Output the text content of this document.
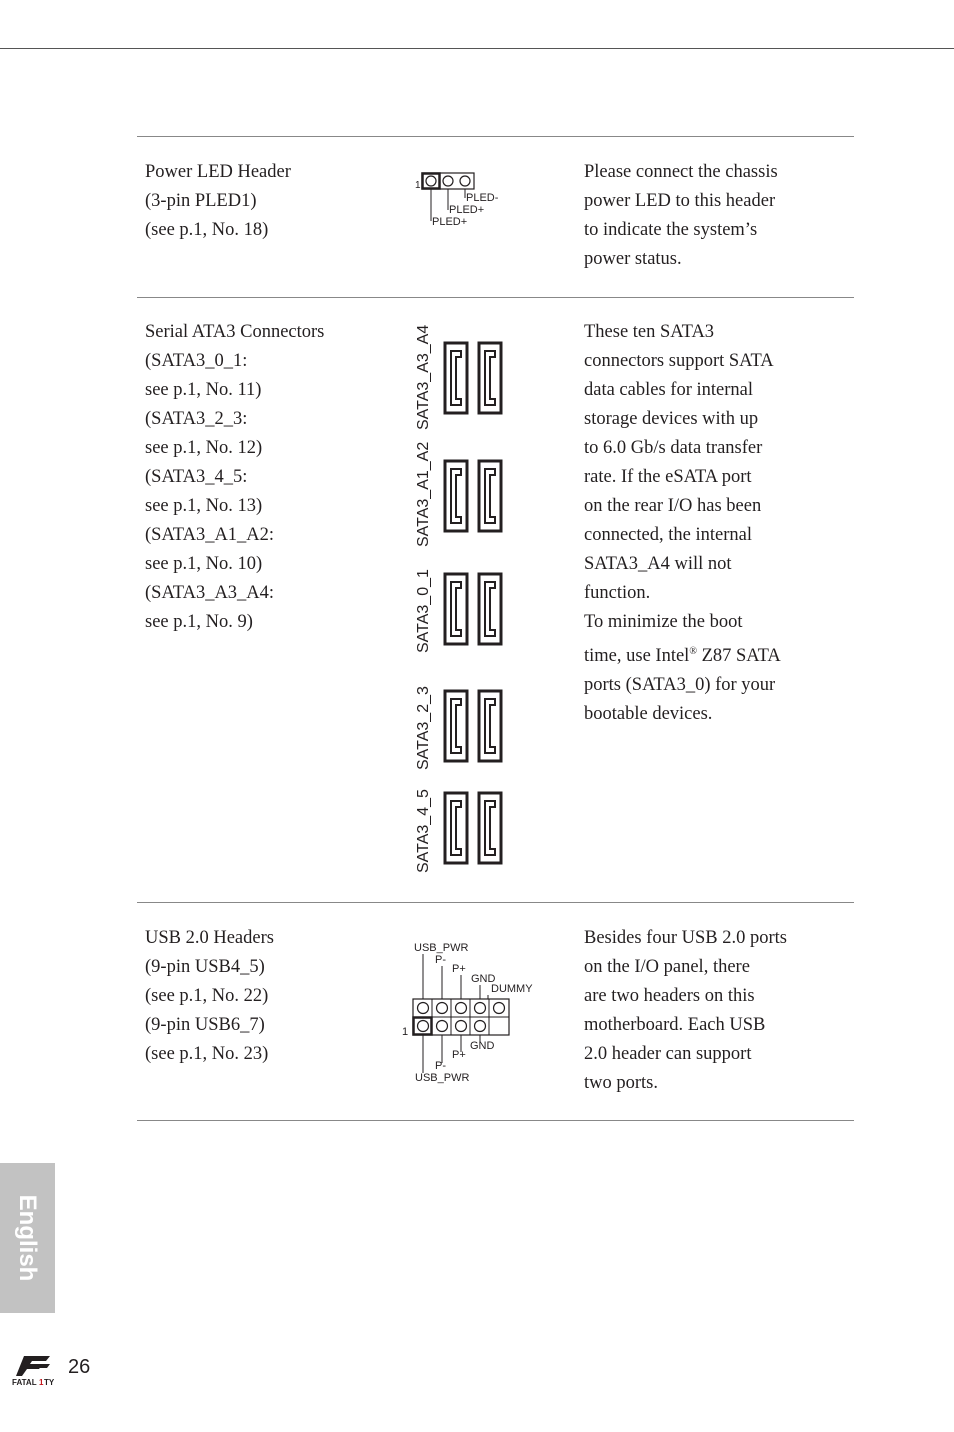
Power LED Header
(3-pin PLED1)
(see p.1, No. 18)
1
PLED-
PLED+
PLED+
Please connect the chassis
power LED to this header
to indicate the system’s
power status.
Serial ATA3 Connectors
(SATA3_0_1:
see p.1, No. 11)
(SATA3_2_3:
see p.1, No. 12)
(SATA3_4_5:
see p.1, No. 13)
(SATA3_A1_A2:
see p.1, No. 10)
(SATA3_A3_A4:
see p.1, No. 9)
SATA3_A3_A4
SATA3_A1_A2
SATA3_0_1
SATA3_2_3
SATA3_4_5
These ten SATA3
connectors support SATA
data cables for internal
storage devices with up
to 6.0 Gb/s data transfer
rate. If the eSATA port
on the rear I/O has been
connected, the internal
SATA3_A4 will not
function.
To minimize the boot
time, use Intel® Z87 SATA
ports (SATA3_0) for your
bootable devices.
USB 2.0 Headers
(9-pin USB4_5)
(see p.1, No. 22)
(9-pin USB6_7)
(see p.1, No. 23)
USB_PWR
P-
P+
GND
DUMMY
1
GND
P+
P-
USB_PWR
Besides four USB 2.0 ports
on the I/O panel, there
are two headers on this
motherboard. Each USB
2.0 header can support
two ports.
English
FATAL 1 TY
26
